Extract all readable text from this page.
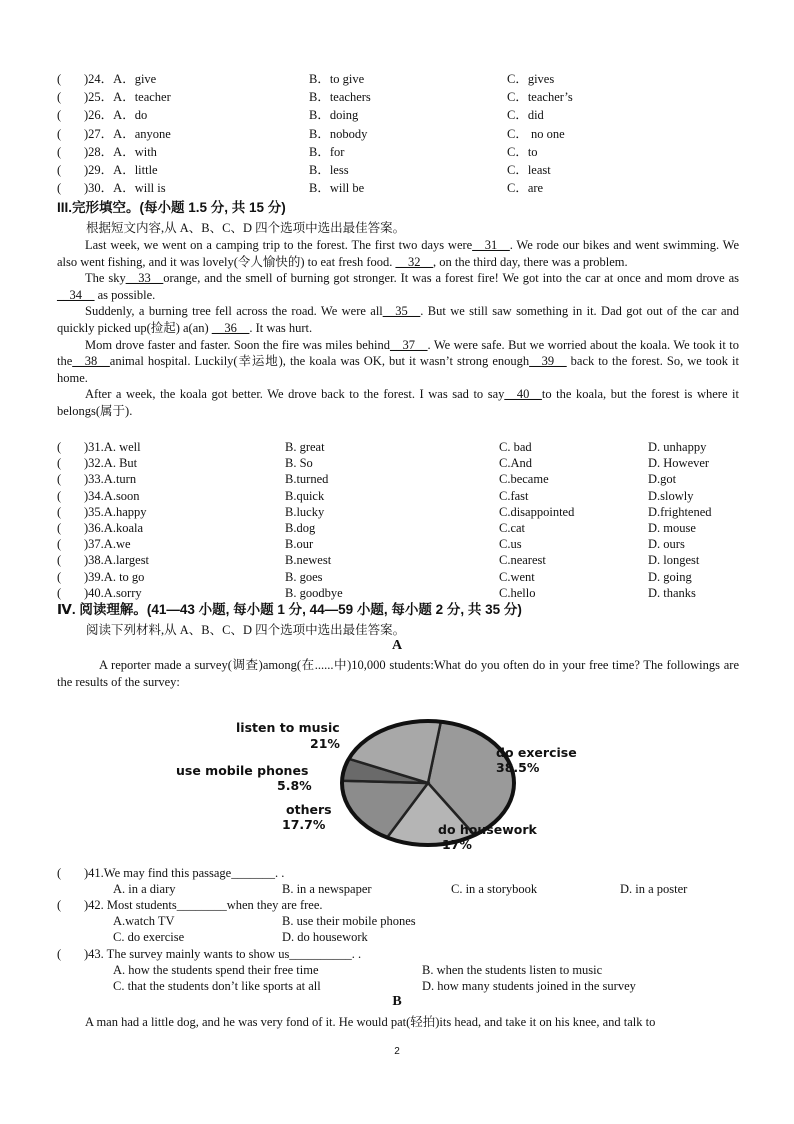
( )24．A．give	B．to give	C．gives
( )25．A．teacher	B．teachers	C．teacher’s
( )26．A．do	B．doing	C．did
( )27．A．anyone	B．nobody	C． no one
( )28．A．with	B．for	C．to
( )29．A．little	B．less	C．least
( )30．A．will is	B．will be	C．are
III.完形填空。(每小题 1.5 分, 共 15 分)
根据短文内容,从 A、B、C、D 四个选项中选出最佳答案。

Last week, we went on a camping trip to the forest. The first two days were__31__. We rode our bikes and went swimming. We also went fishing, and it was lovely(令人愉快的) to eat fresh food. __32__, on the third day, there was a problem.

The sky__33__orange, and the smell of burning got stronger. It was a forest fire! We got into the car at once and mom drove as __34__ as possible.

Suddenly, a burning tree fell across the road. We were all__35__. But we still saw something in it. Dad got out of the car and quickly picked up(捡起) a(an) __36__. It was hurt.

Mom drove faster and faster. Soon the fire was miles behind__37__. We were safe. But we worried about the koala. We took it to the__38__animal hospital. Luckily(幸运地), the koala was OK, but it wasn’t strong enough__39__ back to the forest. So, we took it home.

After a week, the koala got better. We drove back to the forest. I was sad to say__40__to the koala, but the forest is where it belongs(属于).

( )31.A. well	B. great	C. bad	D. unhappy
( )32.A. But	B. So	C.And	D. However
( )33.A.turn	B.turned	C.became	D.got
( )34.A.soon	B.quick	C.fast	D.slowly
( )35.A.happy	B.lucky	C.disappointed	D.frightened
( )36.A.koala	B.dog	C.cat	D. mouse
( )37.A.we	B.our	C.us	D. ours
( )38.A.largest	B.newest	C.nearest	D. longest
( )39.A. to go	B. goes	C.went	D. going
( )40.A.sorry	B. goodbye	C.hello	D. thanks
Ⅳ. 阅读理解。(41—43 小题, 每小题 1 分, 44—59 小题, 每小题 2 分, 共 35 分)
阅读下列材料,从 A、B、C、D 四个选项中选出最佳答案。
A
A reporter made a survey(调查)among(在......中)10,000 students:What do you often do in your free time? The followings are the results of the survey:
listen to music
21%
use mobile phones
5.8%
others
17.7%
do exercise
38.5%
do housework
17%
( )41.We may find this passage_______. .
A. in a diary	B. in a newspaper	C. in a storybook	D. in a poster
( )42. Most students________when they are free.
A.watch TV	B. use their mobile phones
C. do exercise	D. do housework
( )43. The survey mainly wants to show us__________. .
A. how the students spend their free time	B. when the students listen to music
C. that the students don’t like sports at all	D. how many students joined in the survey
B
A man had a little dog, and he was very fond of it. He would pat(轻拍)its head, and take it on his knee, and talk to
2
